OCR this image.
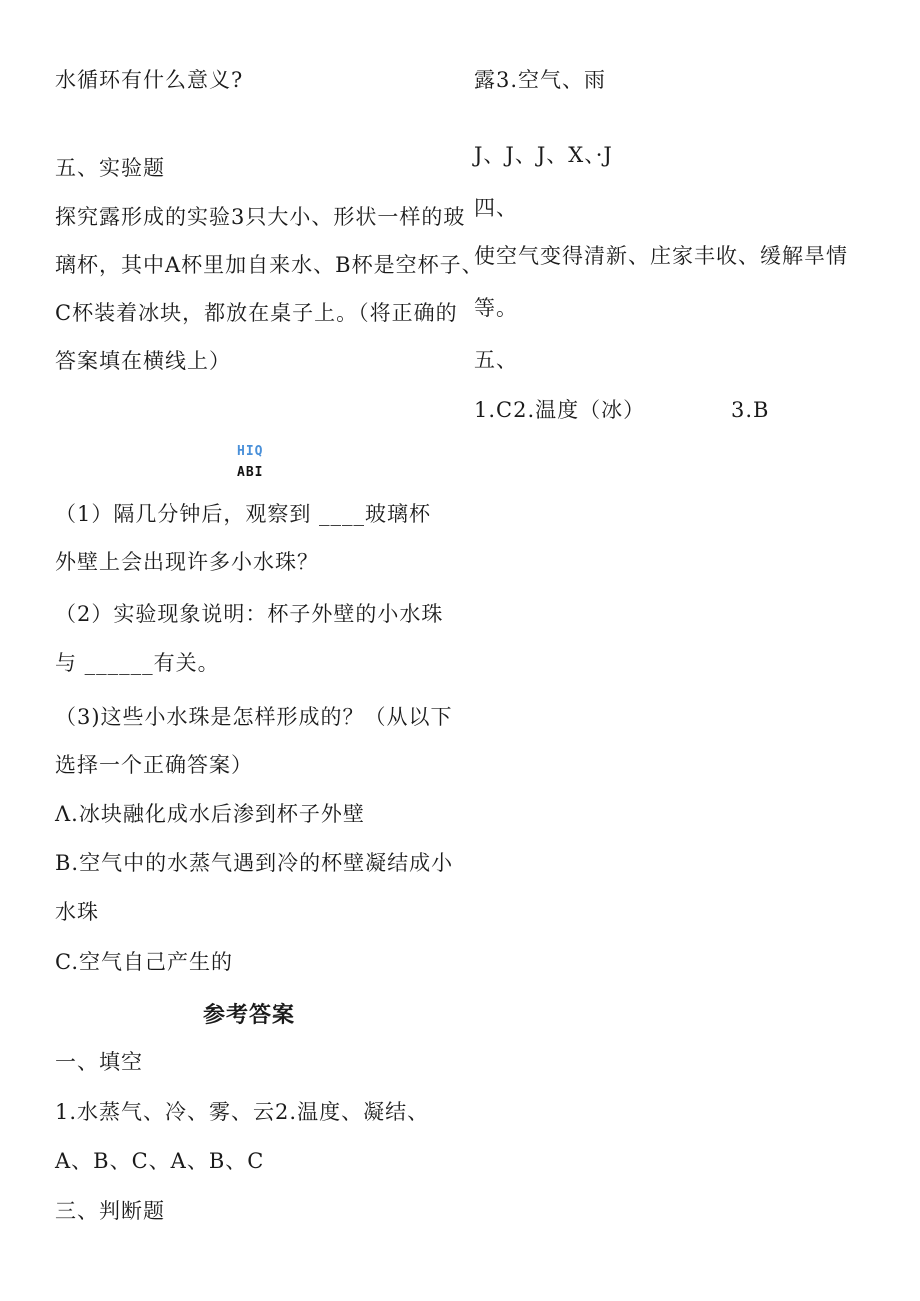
水循环有什么意义?
五、实验题
探究露形成的实验3只大小、形状一样的玻
璃杯，其中A杯里加自来水、B杯是空杯子、
C杯装着冰块，都放在桌子上。（将正确的
答案填在横线上）
HIQ
ABI
（1）隔几分钟后，观察到 ____玻璃杯
外壁上会出现许多小水珠？
（2）实验现象说明：杯子外壁的小水珠
与 ______有关。
（3)这些小水珠是怎样形成的？（从以下
选择一个正确答案）
Λ.冰块融化成水后渗到杯子外壁
B.空气中的水蒸气遇到冷的杯壁凝结成小
水珠
C.空气自己产生的
参考答案
一、填空
1.水蒸气、冷、雾、云2.温度、凝结、
A、B、C、A、B、C
三、判断题
露3.空气、雨
J、J、J、X、·J
四、
使空气变得清新、庄家丰收、缓解旱情
等。
五、
1.C2.温度（冰）	3.B
